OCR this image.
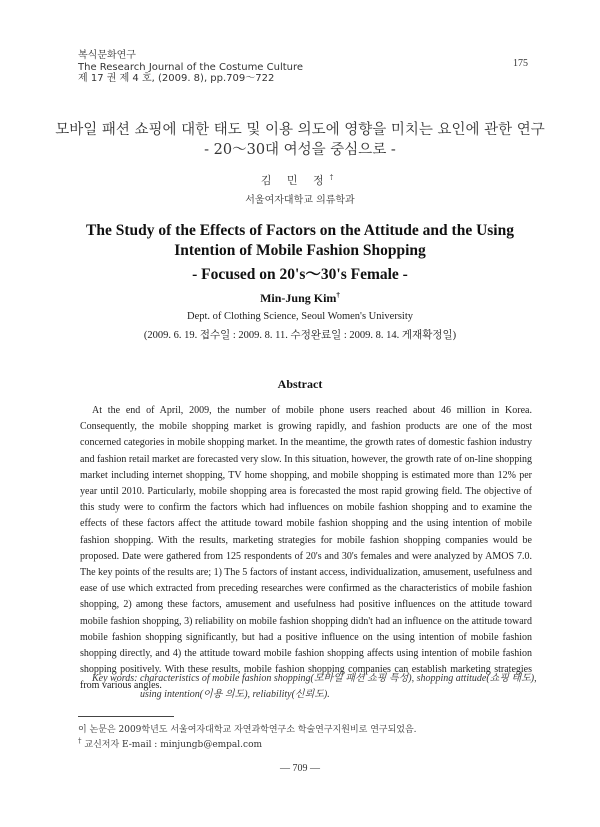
복식문화연구
The Research Journal of the Costume Culture
제 17 권 제 4 호, (2009. 8), pp.709～722
175
모바일 패션 쇼핑에 대한 태도 및 이용 의도에 영향을 미치는 요인에 관한 연구
- 20～30대 여성을 중심으로 -
김 민 정†
서울여자대학교 의류학과
The Study of the Effects of Factors on the Attitude and the Using
Intention of Mobile Fashion Shopping
- Focused on 20's～30's Female -
Min-Jung Kim†
Dept. of Clothing Science, Seoul Women's University
(2009. 6. 19. 접수일 : 2009. 8. 11. 수정완료일 : 2009. 8. 14. 게재확정일)
Abstract
At the end of April, 2009, the number of mobile phone users reached about 46 million in Korea. Consequently, the mobile shopping market is growing rapidly, and fashion products are one of the most concerned categories in mobile shopping market. In the meantime, the growth rates of domestic fashion industry and fashion retail market are forecasted very slow. In this situation, however, the growth rate of on-line shopping market including internet shopping, TV home shopping, and mobile shopping is estimated more than 12% per year until 2010. Particularly, mobile shopping area is forecasted the most rapid growing field. The objective of this study were to confirm the factors which had influences on mobile fashion shopping and to examine the effects of these factors affect the attitude toward mobile fashion shopping and the using intention of mobile fashion shopping. With the results, marketing strategies for mobile fashion shopping companies would be proposed. Date were gathered from 125 respondents of 20's and 30's females and were analyzed by AMOS 7.0. The key points of the results are; 1) The 5 factors of instant access, individualization, amusement, usefulness and ease of use which extracted from preceding researches were confirmed as the characteristics of mobile fashion shopping, 2) among these factors, amusement and usefulness had positive influences on the attitude toward mobile fashion shopping, 3) reliability on mobile fashion shopping didn't had an influence on the attitude toward mobile fashion shopping significantly, but had a positive influence on the using intention of mobile fashion shopping directly, and 4) the attitude toward mobile fashion shopping affects using intention of mobile fashion shopping positively. With these results, mobile fashion shopping companies can establish marketing strategies from various angles.
Key words: characteristics of mobile fashion shopping(모바일 패션 쇼핑 특성), shopping attitude(쇼핑 태도),
using intention(이용 의도), reliability(신뢰도).
이 논문은 2009학년도 서울여자대학교 자연과학연구소 학술연구지원비로 연구되었음.
† 교신저자 E-mail : minjungb@empal.com
― 709 ―
